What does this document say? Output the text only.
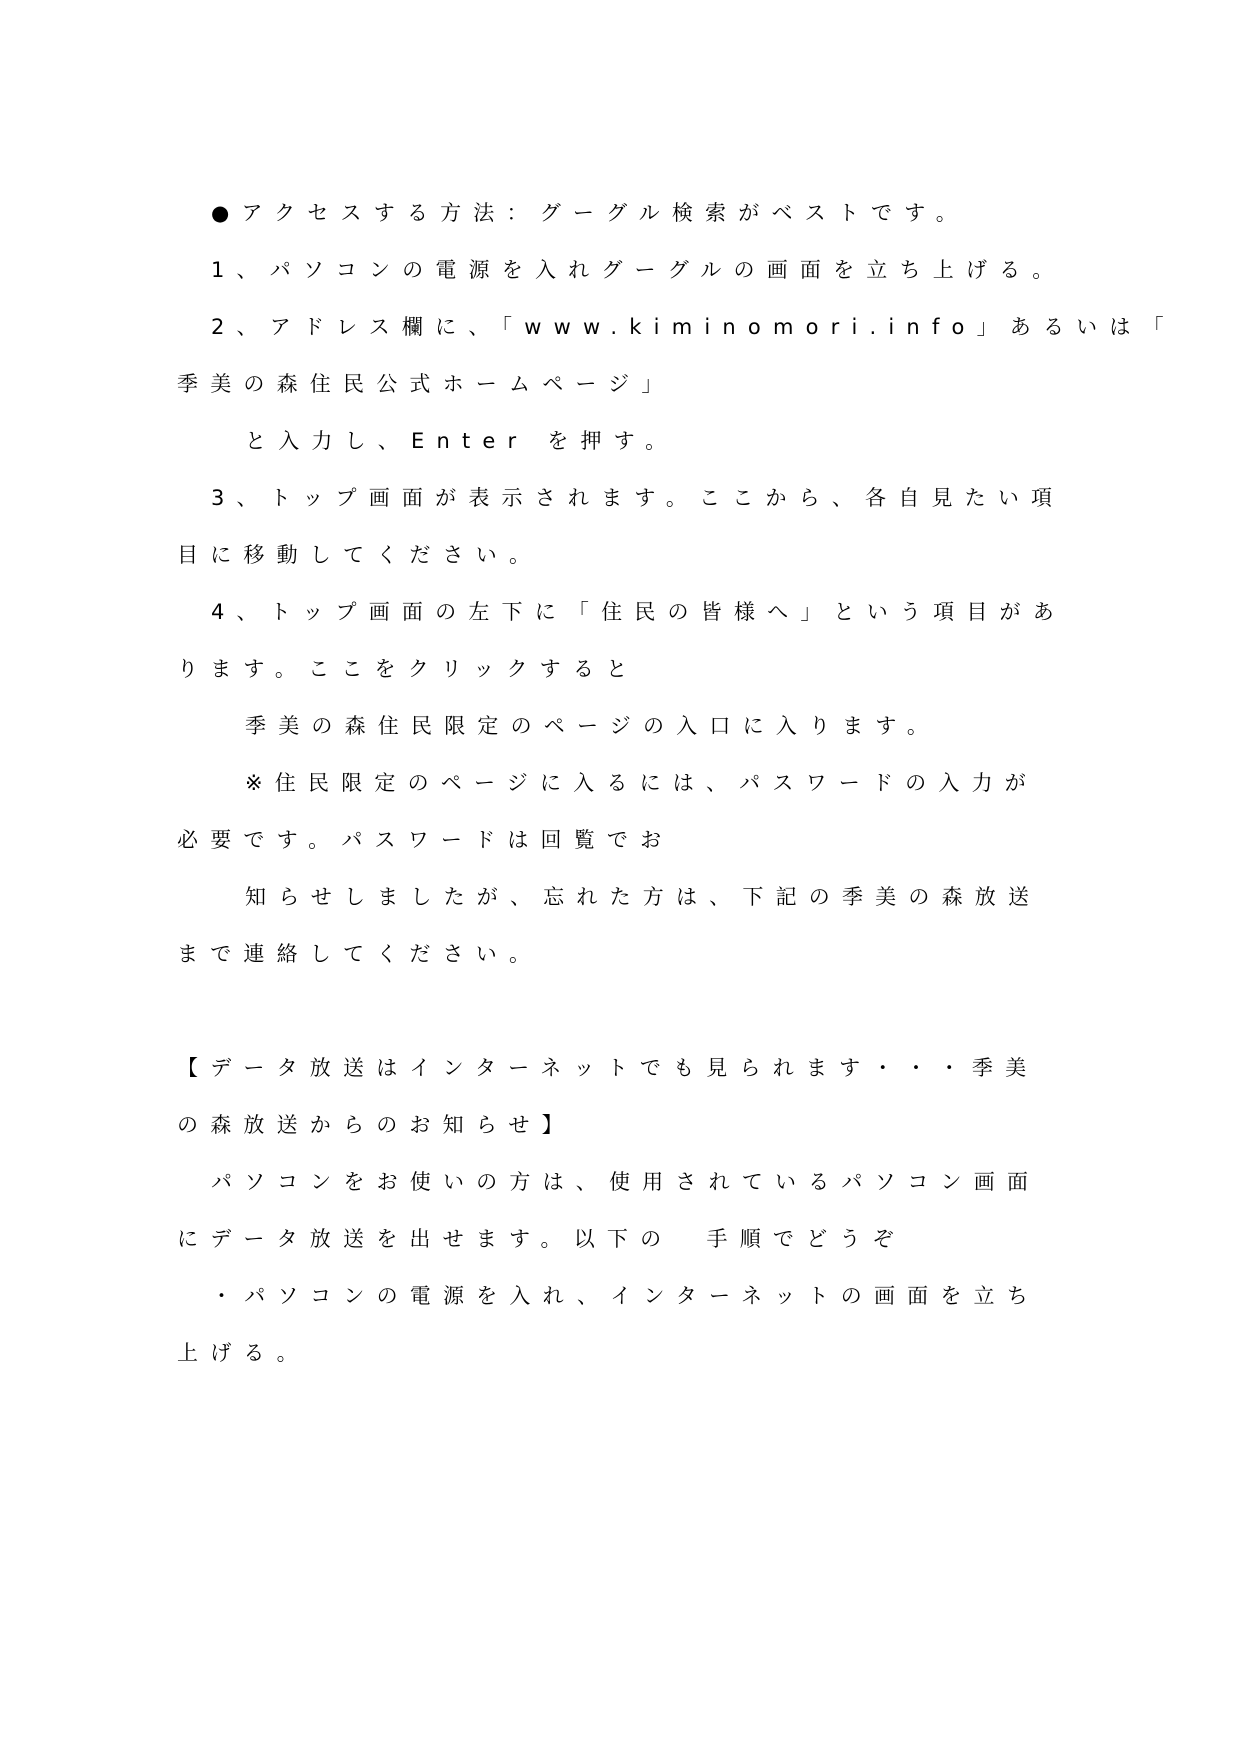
●アクセスする方法：グーグル検索がベストです。
1、パソコンの電源を入れグーグルの画面を立ち上げる。
2、アドレス欄に、「www.kiminomori.info」あるいは「
季美の森住民公式ホームページ」
と入力し、Enter を押す。
3、トップ画面が表示されます。ここから、各自見たい項
目に移動してください。
4、トップ画面の左下に「住民の皆様へ」という項目があ
ります。ここをクリックすると
季美の森住民限定のページの入口に入ります。
※住民限定のページに入るには、パスワードの入力が
必要です。パスワードは回覧でお
知らせしましたが、忘れた方は、下記の季美の森放送
まで連絡してください。
【データ放送はインターネットでも見られます・・・季美
の森放送からのお知らせ】
パソコンをお使いの方は、使用されているパソコン画面
にデータ放送を出せます。以下の　手順でどうぞ
・パソコンの電源を入れ、インターネットの画面を立ち
上げる。
